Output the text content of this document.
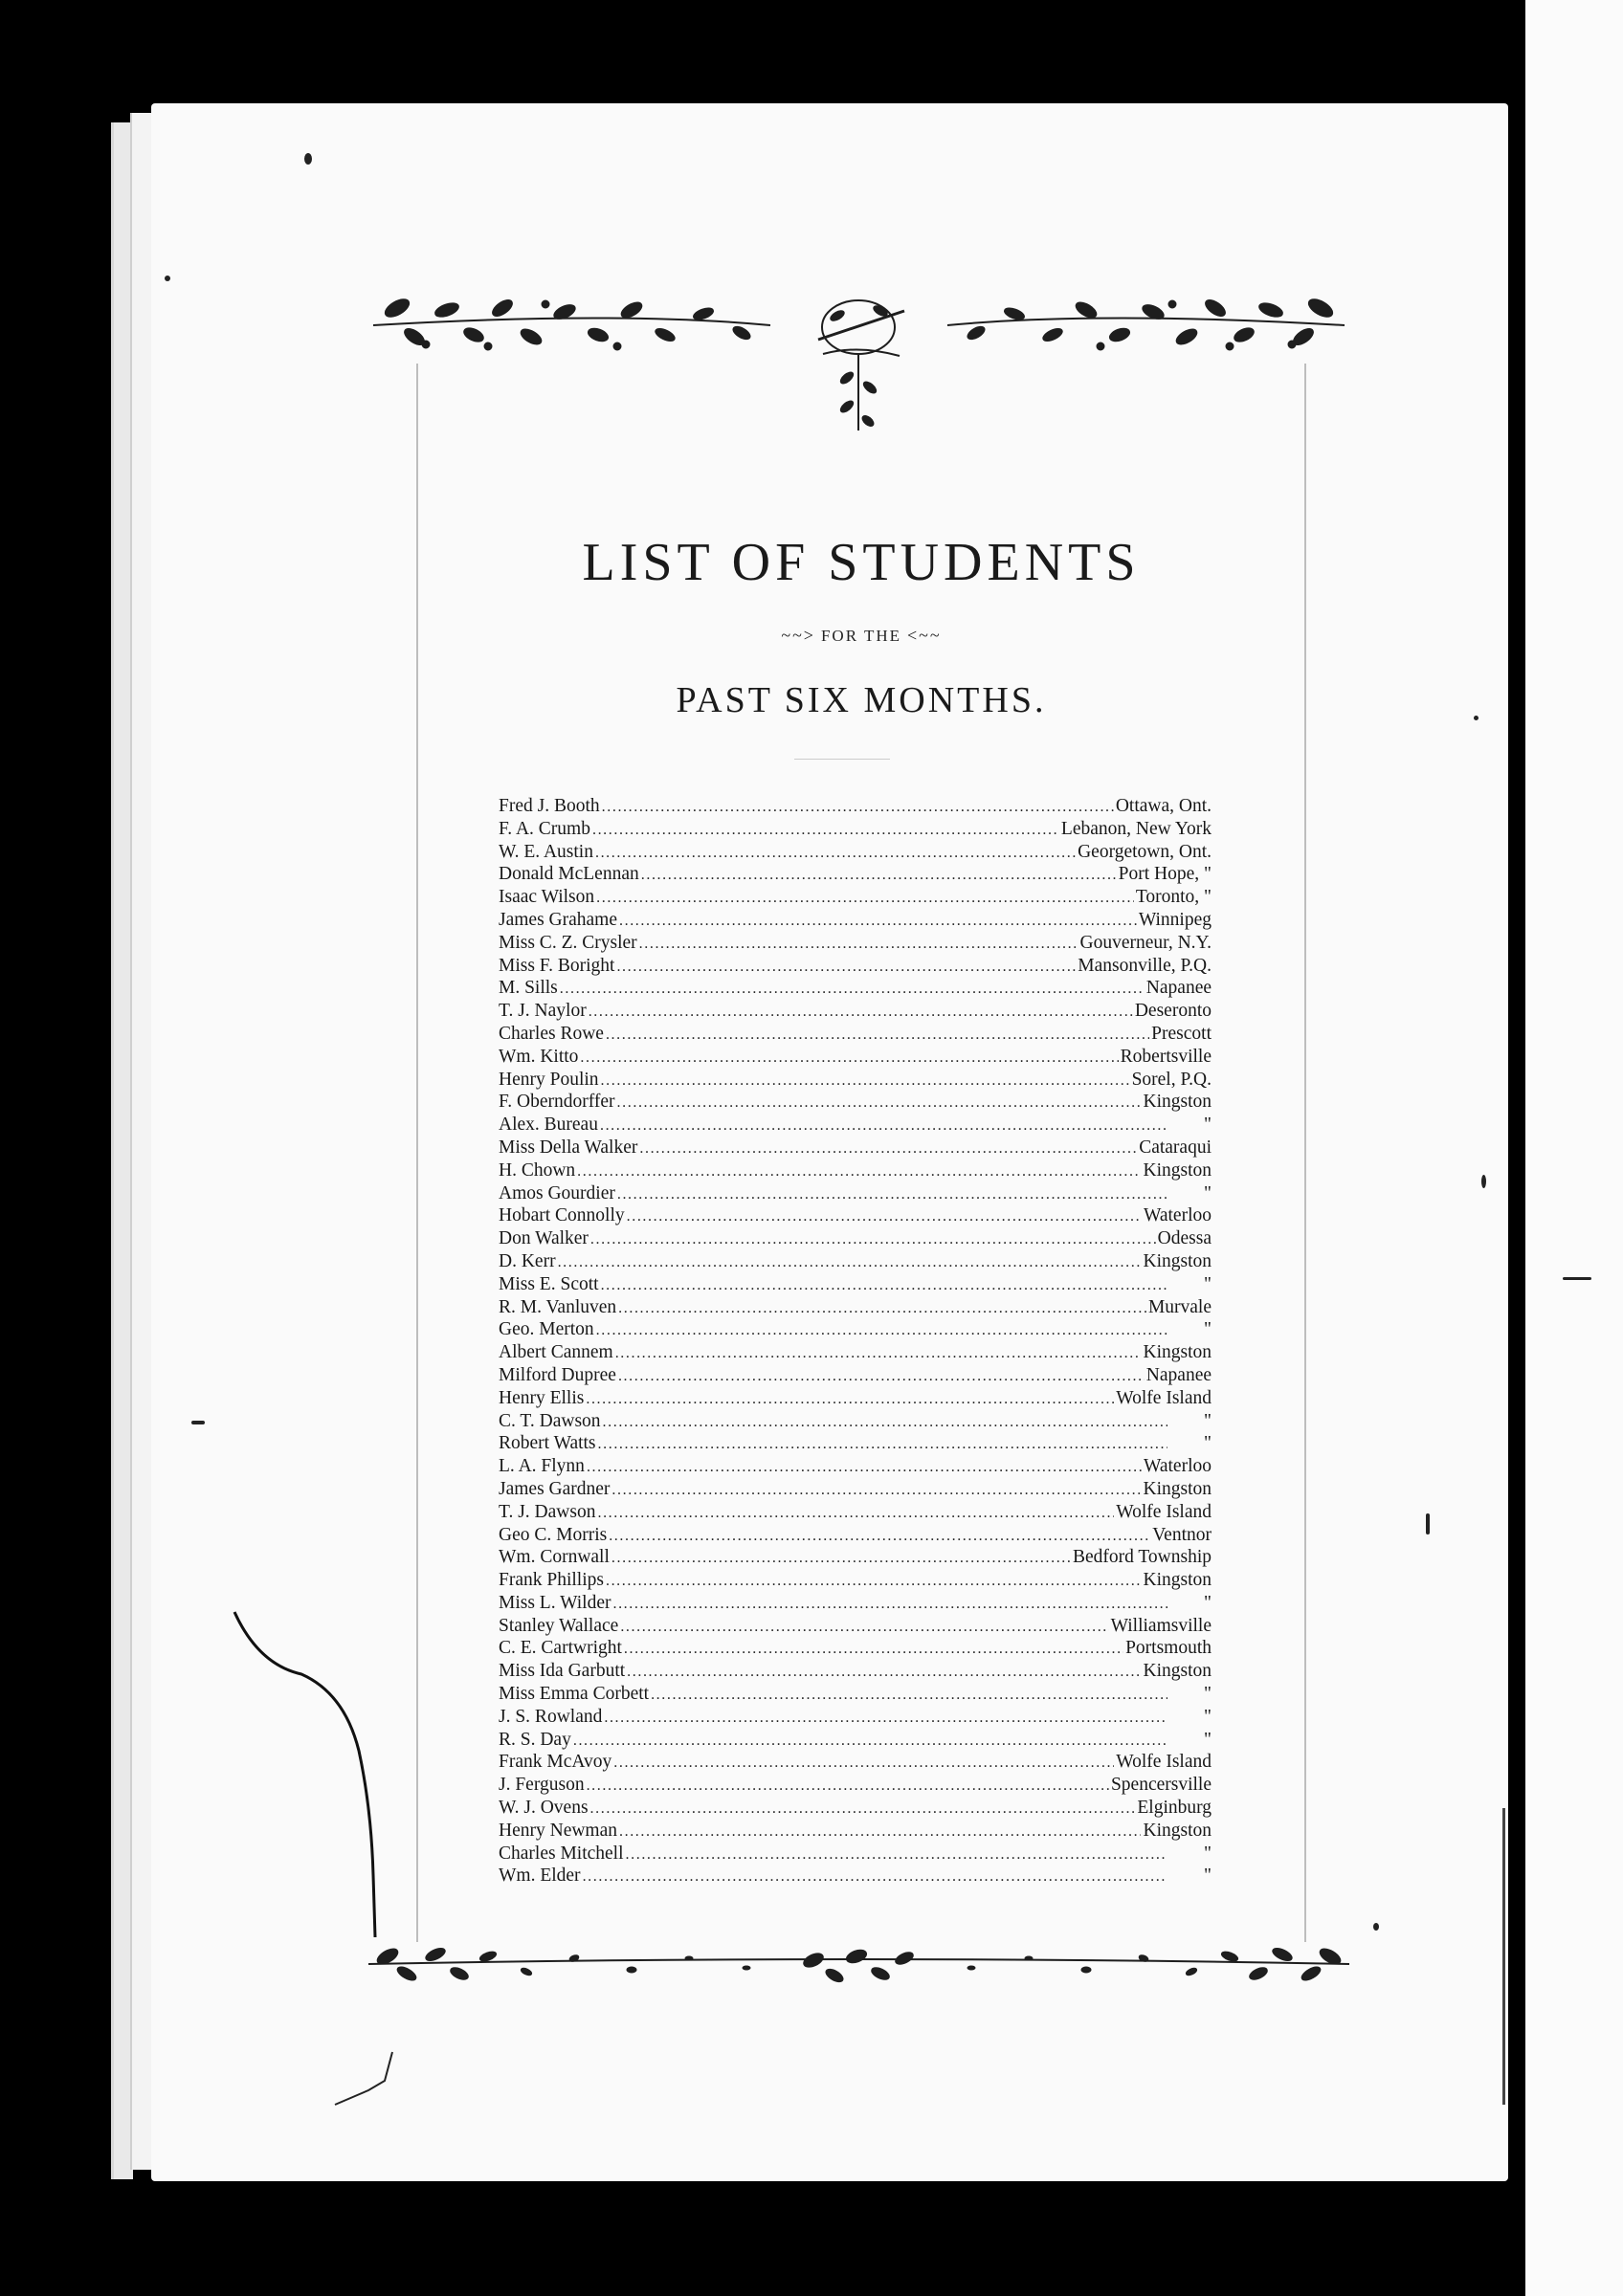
LIST OF STUDENTS
~~> FOR THE <~~
PAST SIX MONTHS.
Fred J. Booth .....	Ottawa, Ont.
F. A. Crumb .....	Lebanon, New York
W. E. Austin .....	Georgetown, Ont.
Donald McLennan .....	Port Hope, "
Isaac Wilson .....	Toronto, "
James Grahame .....	Winnipeg
Miss C. Z. Crysler .....	Gouverneur, N.Y.
Miss F. Boright .....	Mansonville, P.Q.
M. Sills .....	Napanee
T. J. Naylor .....	Deseronto
Charles Rowe .....	Prescott
Wm. Kitto .....	Robertsville
Henry Poulin .....	Sorel, P.Q.
F. Oberndorffer .....	Kingston
Alex. Bureau .....	"
Miss Della Walker .....	Cataraqui
H. Chown .....	Kingston
Amos Gourdier .....	"
Hobart Connolly .....	Waterloo
Don Walker .....	Odessa
D. Kerr .....	Kingston
Miss E. Scott .....	"
R. M. Vanluven .....	Murvale
Geo. Merton .....	"
Albert Cannem .....	Kingston
Milford Dupree .....	Napanee
Henry Ellis .....	Wolfe Island
C. T. Dawson .....	"
Robert Watts .....	"
L. A. Flynn .....	Waterloo
James Gardner .....	Kingston
T. J. Dawson .....	Wolfe Island
Geo C. Morris .....	Ventnor
Wm. Cornwall .....	Bedford Township
Frank Phillips .....	Kingston
Miss L. Wilder .....	"
Stanley Wallace .....	Williamsville
C. E. Cartwright .....	Portsmouth
Miss Ida Garbutt .....	Kingston
Miss Emma Corbett .....	"
J. S. Rowland .....	"
R. S. Day .....	"
Frank McAvoy .....	Wolfe Island
J. Ferguson .....	Spencersville
W. J. Ovens .....	Elginburg
Henry Newman .....	Kingston
Charles Mitchell .....	"
Wm. Elder .....	"
